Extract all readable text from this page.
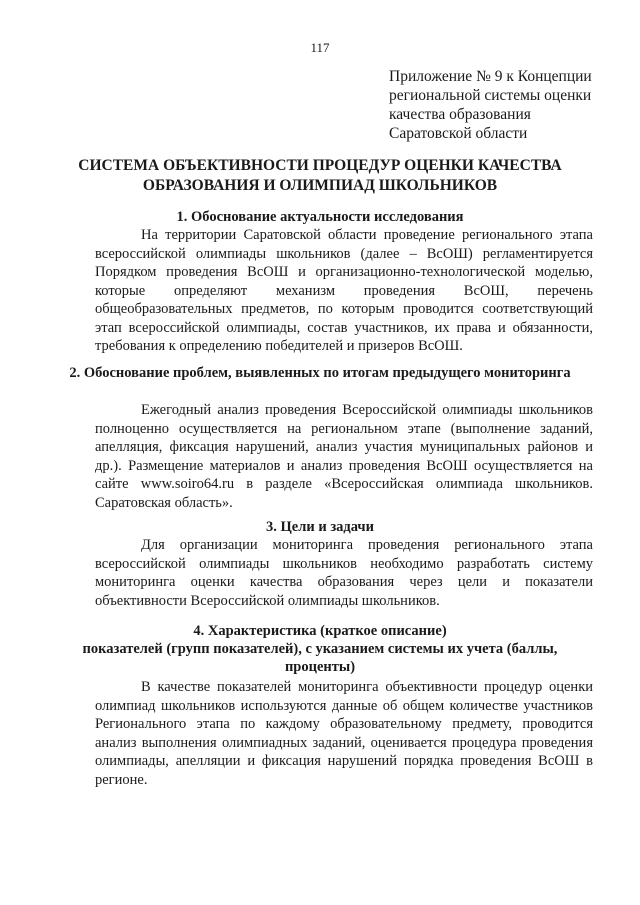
117
Приложение № 9 к Концепции
региональной системы оценки
качества образования
Саратовской области
СИСТЕМА ОБЪЕКТИВНОСТИ ПРОЦЕДУР ОЦЕНКИ КАЧЕСТВА
ОБРАЗОВАНИЯ И ОЛИМПИАД ШКОЛЬНИКОВ
1. Обоснование актуальности исследования

На территории Саратовской области проведение регионального этапа всероссийской олимпиады школьников (далее – ВсОШ) регламентируется Порядком проведения ВсОШ и организационно-технологической моделью, которые определяют механизм проведения ВсОШ, перечень общеобразовательных предметов, по которым проводится соответствующий этап всероссийской олимпиады, состав участников, их права и обязанности, требования к определению победителей и призеров ВсОШ.

2. Обоснование проблем, выявленных по итогам предыдущего мониторинга

Ежегодный анализ проведения Всероссийской олимпиады школьников полноценно осуществляется на региональном этапе (выполнение заданий, апелляция, фиксация нарушений, анализ участия муниципальных районов и др.). Размещение материалов и анализ проведения ВсОШ осуществляется на сайте www.soiro64.ru в разделе «Всероссийская олимпиада школьников. Саратовская область».

3. Цели и задачи

Для организации мониторинга проведения регионального этапа всероссийской олимпиады школьников необходимо разработать систему мониторинга оценки качества образования через цели и показатели объективности Всероссийской олимпиады школьников.

4. Характеристика (краткое описание)
показателей (групп показателей), с указанием системы их учета (баллы, проценты)

В качестве показателей мониторинга объективности процедур оценки олимпиад школьников используются данные об общем количестве участников Регионального этапа по каждому образовательному предмету, проводится анализ выполнения олимпиадных заданий, оценивается процедура проведения олимпиады, апелляции и фиксация нарушений порядка проведения ВсОШ в регионе.
